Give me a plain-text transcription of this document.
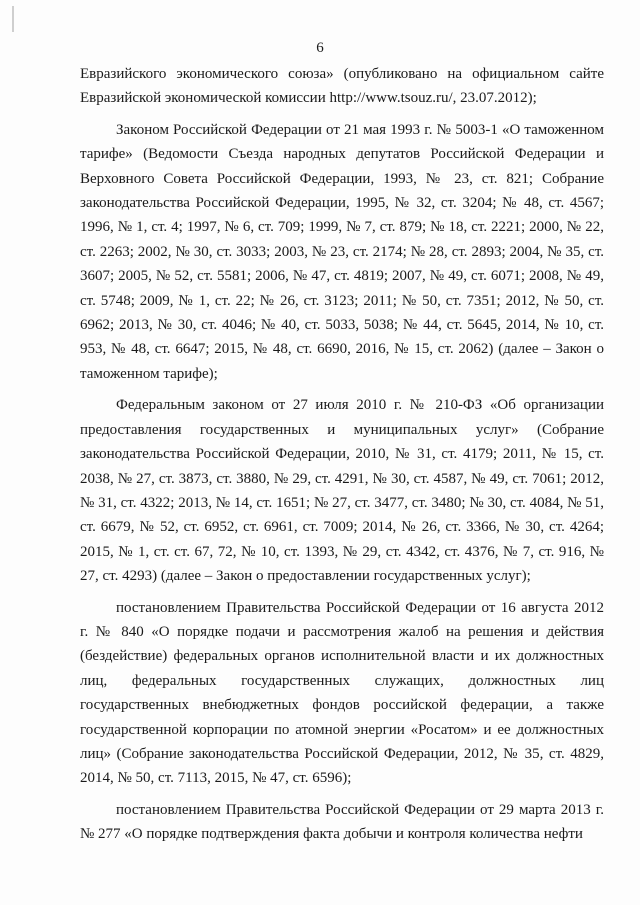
6

Евразийского экономического союза» (опубликовано на официальном сайте Евразийской экономической комиссии http://www.tsouz.ru/, 23.07.2012);

Законом Российской Федерации от 21 мая 1993 г. № 5003-1 «О таможенном тарифе» (Ведомости Съезда народных депутатов Российской Федерации и Верховного Совета Российской Федерации, 1993, № 23, ст. 821; Собрание законодательства Российской Федерации, 1995, № 32, ст. 3204; № 48, ст. 4567; 1996, № 1, ст. 4; 1997, № 6, ст. 709; 1999, № 7, ст. 879; № 18, ст. 2221; 2000, № 22, ст. 2263; 2002, № 30, ст. 3033; 2003, № 23, ст. 2174; № 28, ст. 2893; 2004, № 35, ст. 3607; 2005, № 52, ст. 5581; 2006, № 47, ст. 4819; 2007, № 49, ст. 6071; 2008, № 49, ст. 5748; 2009, № 1, ст. 22; № 26, ст. 3123; 2011; № 50, ст. 7351; 2012, № 50, ст. 6962; 2013, № 30, ст. 4046; № 40, ст. 5033, 5038; № 44, ст. 5645, 2014, № 10, ст. 953, № 48, ст. 6647; 2015, № 48, ст. 6690, 2016, № 15, ст. 2062) (далее – Закон о таможенном тарифе);

Федеральным законом от 27 июля 2010 г. № 210-ФЗ «Об организации предоставления государственных и муниципальных услуг» (Собрание законодательства Российской Федерации, 2010, № 31, ст. 4179; 2011, № 15, ст. 2038, № 27, ст. 3873, ст. 3880, № 29, ст. 4291, № 30, ст. 4587, № 49, ст. 7061; 2012, № 31, ст. 4322; 2013, № 14, ст. 1651; № 27, ст. 3477, ст. 3480; № 30, ст. 4084, № 51, ст. 6679, № 52, ст. 6952, ст. 6961, ст. 7009; 2014, № 26, ст. 3366, № 30, ст. 4264; 2015, № 1, ст. ст. 67, 72, № 10, ст. 1393, № 29, ст. 4342, ст. 4376, № 7, ст. 916, № 27, ст. 4293) (далее – Закон о предоставлении государственных услуг);

постановлением Правительства Российской Федерации от 16 августа 2012 г. № 840 «О порядке подачи и рассмотрения жалоб на решения и действия (бездействие) федеральных органов исполнительной власти и их должностных лиц, федеральных государственных служащих, должностных лиц государственных внебюджетных фондов российской федерации, а также государственной корпорации по атомной энергии «Росатом» и ее должностных лиц» (Собрание законодательства Российской Федерации, 2012, № 35, ст. 4829, 2014, № 50, ст. 7113, 2015, № 47, ст. 6596);

постановлением Правительства Российской Федерации от 29 марта 2013 г. № 277 «О порядке подтверждения факта добычи и контроля количества нефти
